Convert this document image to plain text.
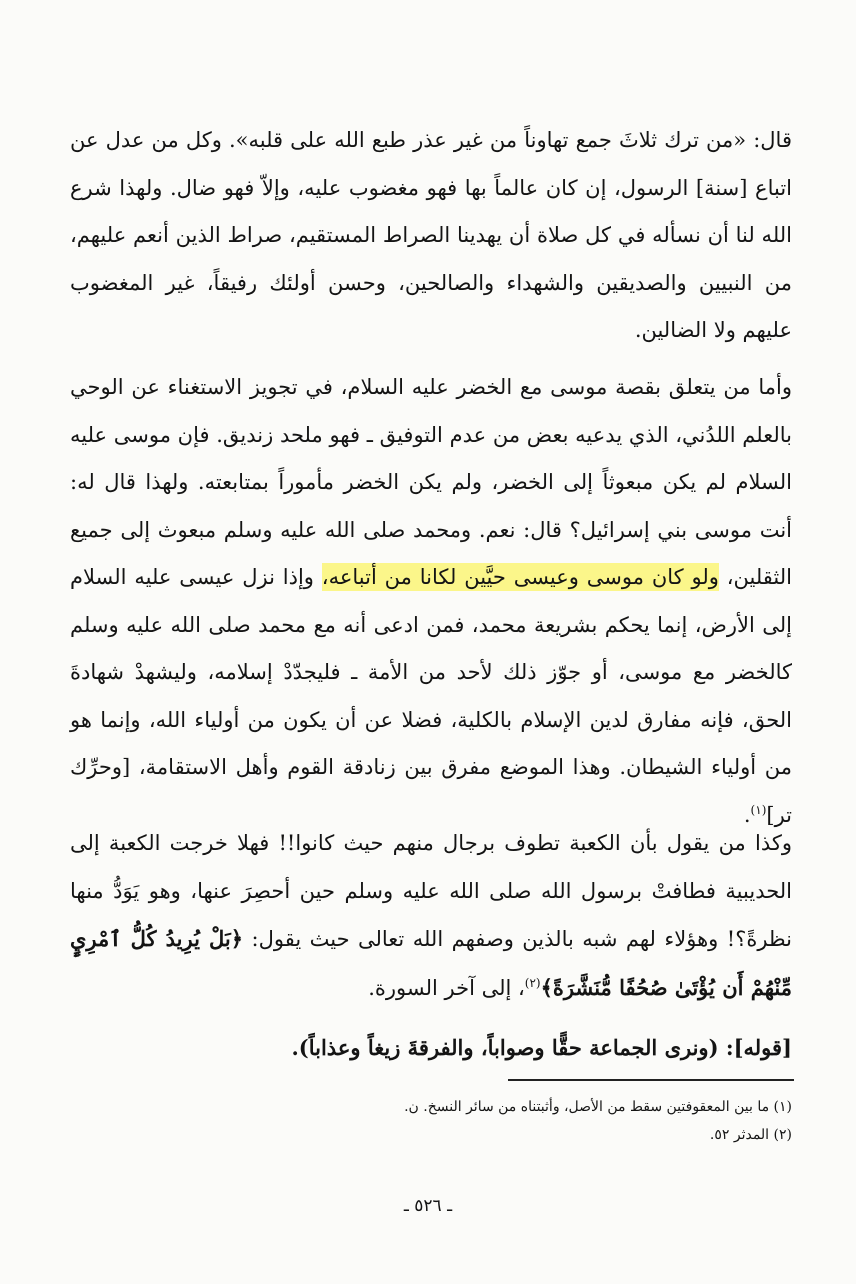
قال: «من ترك ثلاثَ جمع تهاوناً من غير عذر طبع الله على قلبه». وكل من عدل عن اتباع [سنة] الرسول، إن كان عالماً بها فهو مغضوب عليه، وإلاّ فهو ضال. ولهذا شرع الله لنا أن نسأله في كل صلاة أن يهدينا الصراط المستقيم، صراط الذين أنعم عليهم، من النبيين والصديقين والشهداء والصالحين، وحسن أولئك رفيقاً، غير المغضوب عليهم ولا الضالين.

وأما من يتعلق بقصة موسى مع الخضر عليه السلام، في تجويز الاستغناء عن الوحي بالعلم اللدُني، الذي يدعيه بعض من عدم التوفيق ـ فهو ملحد زنديق. فإن موسى عليه السلام لم يكن مبعوثاً إلى الخضر، ولم يكن الخضر مأموراً بمتابعته. ولهذا قال له: أنت موسى بني إسرائيل؟ قال: نعم. ومحمد صلى الله عليه وسلم مبعوث إلى جميع الثقلين، ولو كان موسى وعيسى حيَّين لكانا من أتباعه، وإذا نزل عيسى عليه السلام إلى الأرض، إنما يحكم بشريعة محمد، فمن ادعى أنه مع محمد صلى الله عليه وسلم كالخضر مع موسى، أو جوّز ذلك لأحد من الأمة ـ فليجدّدْ إسلامه، وليشهدْ شهادةَ الحق، فإنه مفارق لدين الإسلام بالكلية، فضلا عن أن يكون من أولياء الله، وإنما هو من أولياء الشيطان. وهذا الموضع مفرق بين زنادقة القوم وأهل الاستقامة، [وحرِّك تر]$^{(١)}$.

وكذا من يقول بأن الكعبة تطوف برجال منهم حيث كانوا!! فهلا خرجت الكعبة إلى الحديبية فطافتْ برسول الله صلى الله عليه وسلم حين أحصِرَ عنها، وهو يَوَدُّ منها نظرةً؟! وهؤلاء لهم شبه بالذين وصفهم الله تعالى حيث يقول: ﴿بَلْ يُرِيدُ كُلُّ ٱمْرِيٍٕ مِّنْهُمْ أَن يُؤْتَىٰ صُحُفًا مُّنَشَّرَةً﴾$^{(٢)}$، إلى آخر السورة.

[قوله]: (ونرى الجماعة حقًّا وصواباً، والفرقةَ زيغاً وعذاباً).

(١) ما بين المعقوفتين سقط من الأصل، وأثبتناه من سائر النسخ. ن.
(٢) المدثر ٥٢.
ـ ٥٢٦ ـ
